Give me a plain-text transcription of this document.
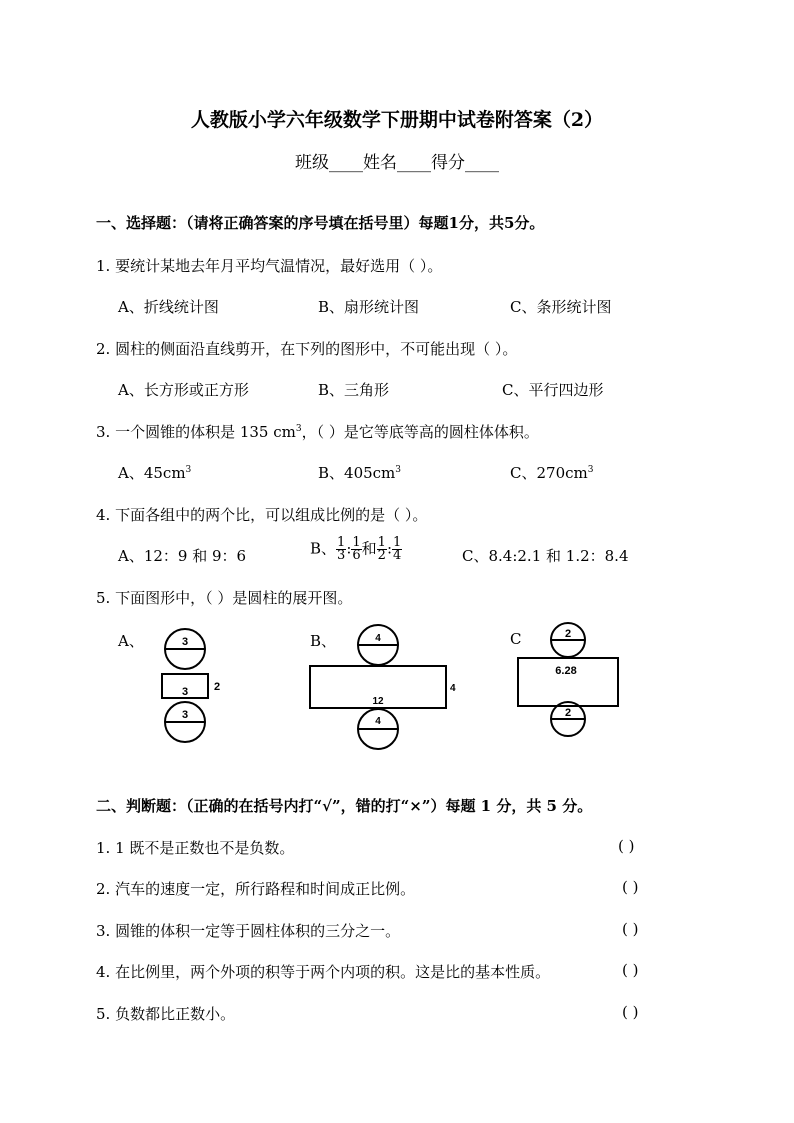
人教版小学六年级数学下册期中试卷附答案（2）
班级____姓名____得分____
一、选择题：（请将正确答案的序号填在括号里）每题1分，共5分。
1. 要统计某地去年月平均气温情况，最好选用（ ）。
A、折线统计图	B、扇形统计图	C、条形统计图
2. 圆柱的侧面沿直线剪开，在下列的图形中，不可能出现（ ）。
A、长方形或正方形	B、三角形	C、平行四边形
3. 一个圆锥的体积是 135 $cm^3$，（ ）是它等底等高的圆柱体体积。
A、$45cm^3$	B、$405cm^3$	C、$270cm^3$
4. 下面各组中的两个比，可以组成比例的是（ ）。
A、12：9 和 9：6	B、 $\frac{1}{3}$ : $\frac{1}{6}$ 和 $\frac{1}{2}$ : $\frac{1}{4}$	C、8.4:2.1 和 1.2：8.4
5. 下面图形中，（ ）是圆柱的展开图。
A、	3
3 2
3
B、	4
12
4
4
C	2
6.28
2
二、判断题：（正确的在括号内打“√”，错的打“×”）每题 1 分，共 5 分。
1. 1 既不是正数也不是负数。	( )
2. 汽车的速度一定，所行路程和时间成正比例。	( )
3. 圆锥的体积一定等于圆柱体积的三分之一。	( )
4. 在比例里，两个外项的积等于两个内项的积。这是比的基本性质。	( )
5. 负数都比正数小。	( )
